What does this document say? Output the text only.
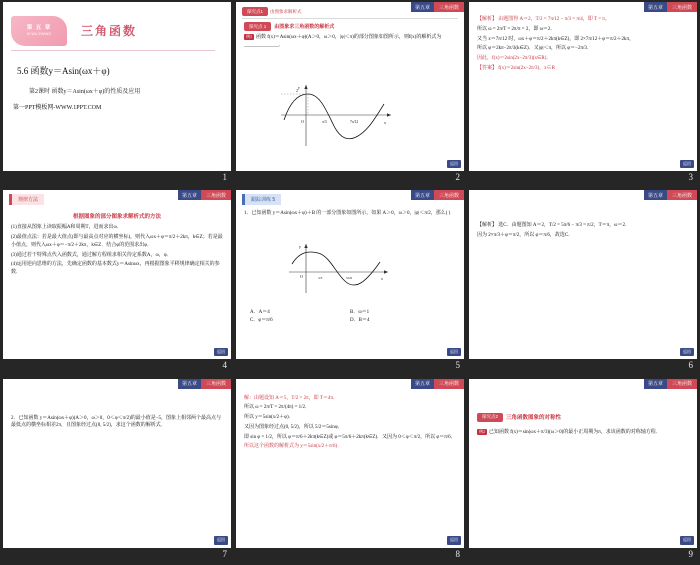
第 五 章
DI WU ZHANG 三角函数
5.6 函数y＝Asin(ωx＋φ)
第2课时 函数y＝Asin(ωx＋φ)的性质及应用
第一PPT模板网-WWW.1PPT.COM
1
第五章	三角函数
探究点1	由图象求解析式
探究点 1	由图象求三角函数的解析式

例1 函数 f(x)＝Asin(ωx＋φ)(A＞0，ω＞0，|φ|＜π)的部分图象如图所示，则f(x)的解析式为 ______________．

2
O	π/3	7π/12	x
y
返回
2
第五章	三角函数

【解析】 由题图得 A＝2，T/2 = 7π/12 − π/3 = π/4，即 T = π。

所以 ω = 2π/T = 2π/π = 2，即 ω＝2．

又当 x＝7π/12 时，ωx＋φ＝π/2＋2kπ(k∈Z)，即 2×7π/12＋φ＝π/2＋2kπ，

所以 φ＝2kπ−2π/3(k∈Z)．又|φ|＜π，所以 φ＝−2π/3．

因此，f(x)＝2sin(2x−2π/3)(x∈R)．

【答案】 f(x)＝2sin(2x−2π/3)，x∈R

返回
3
第五章	三角函数
规律方法
根据图象的部分图象求解析式的方法

(1)直接从图象上读取振幅A和周期T，进而求出ω．

(2)最值点法：若是最大值点(即与最高点对应的横坐标)，则代入ωx＋φ＝π/2＋2kπ，k∈Z；若是最小值点，则代入ωx＋φ＝−π/2＋2kπ，k∈Z．结合φ的范围求出φ．

(3)通过若干特殊点代入函数式，通过解方程组求相关待定系数A，ω，φ．

(4)运用逆向思维的方法，先确定函数的基本数式y＝Asinωx，再根据图象平移规律确定相关的参数．

返回
4
第五章	三角函数
跟踪训练 5

1．已知函数 y＝Asin(ωx＋φ)＋B 的一部分图象如图所示，如果 A＞0，ω＞0，|φ|＜π/2，那么( )

y
O	π/3	5π/6	x
A．A＝4	B．ω＝1
C．φ＝π/6	D．B＝4
返回
5
第五章	三角函数

【解析】 选C．由题图知 A＝2，T/2 = 5π/6 − π/3 = π/2，T＝π，ω＝2．

因为 2×π/3＋φ＝π/2，所以 φ＝π/6，故选C．

返回
6
第五章	三角函数

2．已知函数 y＝Asin(ωx＋φ)(A＞0，ω＞0，0＜φ＜π/2)的最小值是−5，图象上相邻两个最高点与最低点的横坐标相差2π，且图象经过点(0, 5/2)，求这个函数的解析式．

返回
7
第五章	三角函数

解：由题设知 A＝5，T/2 = 2π，即 T＝4π．

所以 ω = 2π/T = 2π/(4π) = 1/2．

所以 y＝5sin(x/2＋φ)．

又因为图象经过点(0, 5/2)，所以 5/2＝5sinφ．

即 sin φ = 1/2，所以 φ＝π/6＋2kπ(k∈Z)或 φ＝5π/6＋2kπ(k∈Z)．又因为 0＜φ＜π/2，所以 φ＝π/6．

所以这个函数的解析式为 y＝5sin(x/2＋π/6)．

返回
8
第五章	三角函数
探究点2	三角函数图象的对称性

例2 已知函数 f(x)＝sin(ωx＋π/3)(ω＞0)的最小正周期为π，求该函数的对称轴方程．

返回
9
